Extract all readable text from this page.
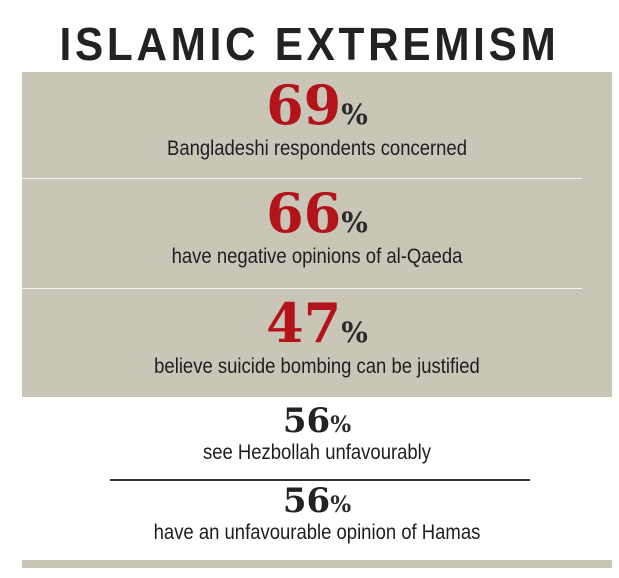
ISLAMIC EXTREMISM
69%
Bangladeshi respondents concerned
66%
have negative opinions of al-Qaeda
47%
believe suicide bombing can be justified
56%
see Hezbollah unfavourably
56%
have an unfavourable opinion of Hamas
